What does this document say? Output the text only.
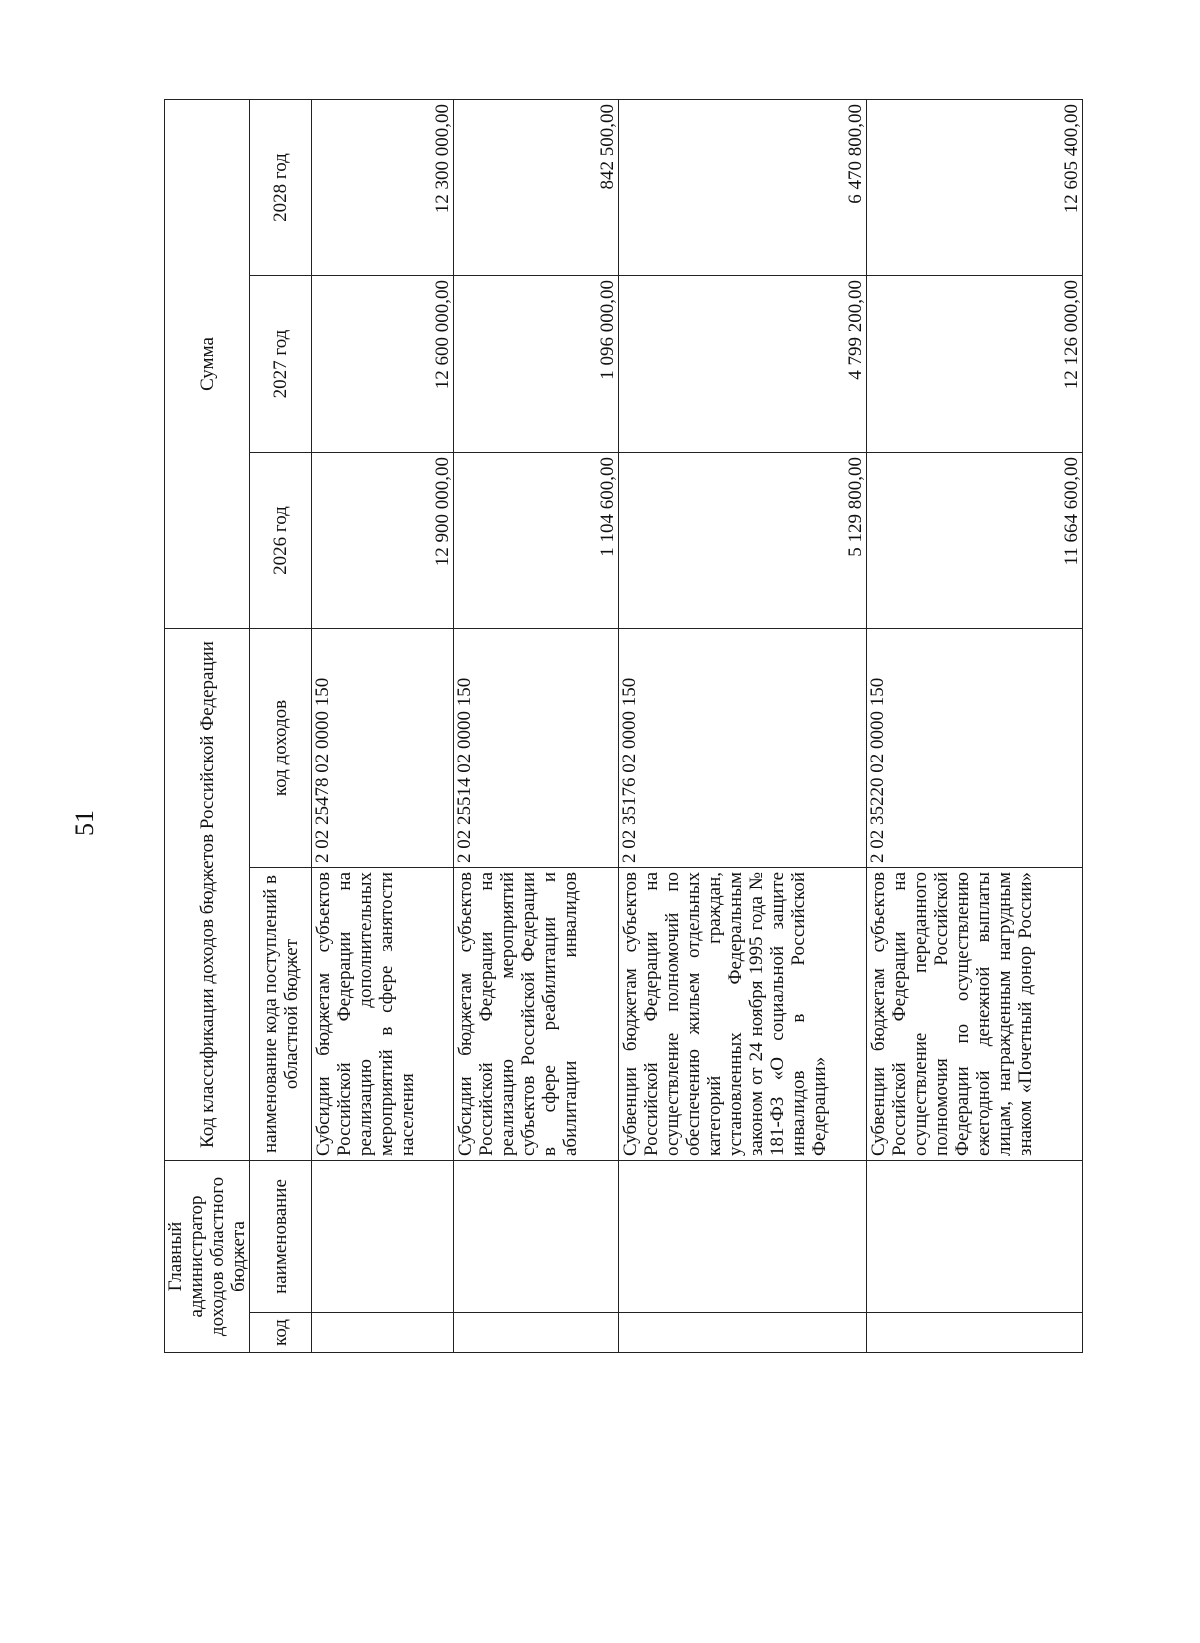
51
Главный администратор доходов областного бюджета		Код классификации доходов бюджетов Российской Федерации		Сумма		
код	наименование	наименование кода поступлений в областной бюджет	код доходов	2026 год	2027 год	2028 год
		Субсидии бюджетам субъектов Российской Федерации на реализацию дополнительных мероприятий в сфере занятости населения	2 02 25478 02 0000 150	12 900 000,00	12 600 000,00	12 300 000,00
		Субсидии бюджетам субъектов Российской Федерации на реализацию мероприятий субъектов Российской Федерации в сфере реабилитации и абилитации инвалидов	2 02 25514 02 0000 150	1 104 600,00	1 096 000,00	842 500,00
		Субвенции бюджетам субъектов Российской Федерации на осуществление полномочий по обеспечению жильем отдельных категорий граждан, установленных Федеральным законом от 24 ноября 1995 года № 181-ФЗ «О социальной защите инвалидов в Российской Федерации»	2 02 35176 02 0000 150	5 129 800,00	4 799 200,00	6 470 800,00
		Субвенции бюджетам субъектов Российской Федерации на осуществление переданного полномочия Российской Федерации по осуществлению ежегодной денежной выплаты лицам, награжденным нагрудным знаком «Почетный донор России»	2 02 35220 02 0000 150	11 664 600,00	12 126 000,00	12 605 400,00
